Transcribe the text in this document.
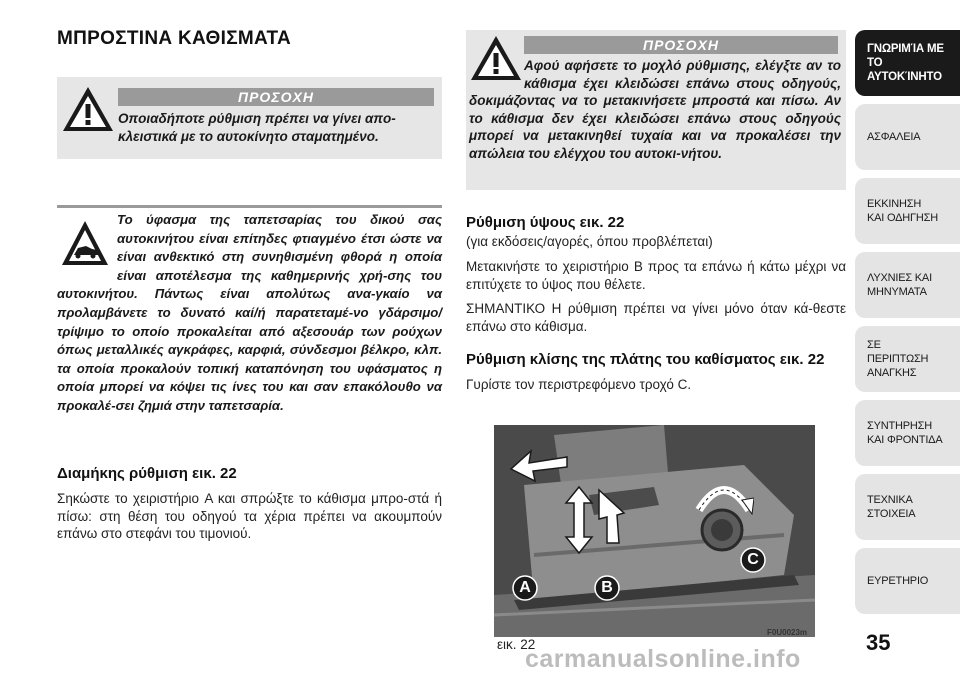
ΜΠΡΟΣΤΙΝΑ ΚΑΘΙΣΜΑΤΑ
ΠΡΟΣΟΧΗ
Οποιαδήποτε ρύθμιση πρέπει να γίνει απο-κλειστικά με το αυτοκίνητο σταματημένο.
Το ύφασμα της ταπετσαρίας του δικού σας αυτοκινήτου είναι επίτηδες φτιαγμένο έτσι ώστε να είναι ανθεκτικό στη συνηθισμένη φθορά η οποία είναι αποτέλεσμα της καθημερινής χρή-σης του αυτοκινήτου. Πάντως είναι απολύτως ανα-γκαίο να προλαμβάνετε το δυνατό καί/ή παρατεταμέ-νο γδάρσιμο/τρίψιμο το οποίο προκαλείται από αξεσουάρ των ρούχων όπως μεταλλικές αγκράφες, καρφιά, σύνδεσμοι βέλκρο, κλπ. τα οποία προκαλούν τοπική καταπόνηση του υφάσματος η οποία μπορεί να κόψει τις ίνες του και σαν επακόλουθο να προκαλέ-σει ζημιά στην ταπετσαρία.
Διαμήκης ρύθμιση εικ. 22
Σηκώστε το χειριστήριο A και σπρώξτε το κάθισμα μπρο-στά ή πίσω: στη θέση του οδηγού τα χέρια πρέπει να ακουμπούν επάνω στο στεφάνι του τιμονιού.
ΠΡΟΣΟΧΗ
Αφού αφήσετε το μοχλό ρύθμισης, ελέγξτε αν το κάθισμα έχει κλειδώσει επάνω στους οδηγούς, δοκιμάζοντας να το μετακινήσετε μπροστά και πίσω. Αν το κάθισμα δεν έχει κλειδώσει επάνω στους οδηγούς μπορεί να μετακινηθεί τυχαία και να προκαλέσει την απώλεια του ελέγχου του αυτοκι-νήτου.
Ρύθμιση ύψους εικ. 22
(για εκδόσεις/αγορές, όπου προβλέπεται)
Μετακινήστε το χειριστήριο B προς τα επάνω ή κάτω μέχρι να επιτύχετε το ύψος που θέλετε.
ΣΗΜΑΝΤΙΚΟ Η ρύθμιση πρέπει να γίνει μόνο όταν κά-θεστε επάνω στο κάθισμα.
Ρύθμιση κλίσης της πλάτης του καθίσματος εικ. 22
Γυρίστε τον περιστρεφόμενο τροχό C.
A	B
C
F0U0023m
εικ. 22
ΓΝΩΡΙΜΊΑ ΜΕ ΤΟ ΑΥΤΟΚΊΝΗΤΟ
ΑΣΦΑΛΕΙΑ
ΕΚΚΙΝΗΣΗ ΚΑΙ ΟΔΗΓΗΣΗ
ΛΥΧΝΙΕΣ ΚΑΙ ΜΗΝΥΜΑΤΑ
ΣΕ ΠΕΡΙΠΤΩΣΗ ΑΝΑΓΚΗΣ
ΣΥΝΤΗΡΗΣΗ ΚΑΙ ΦΡΟΝΤΙΔΑ
ΤΕΧΝΙΚΑ ΣΤΟΙΧΕΙΑ
ΕΥΡΕΤΗΡΙΟ
35
carmanualsonline.info
